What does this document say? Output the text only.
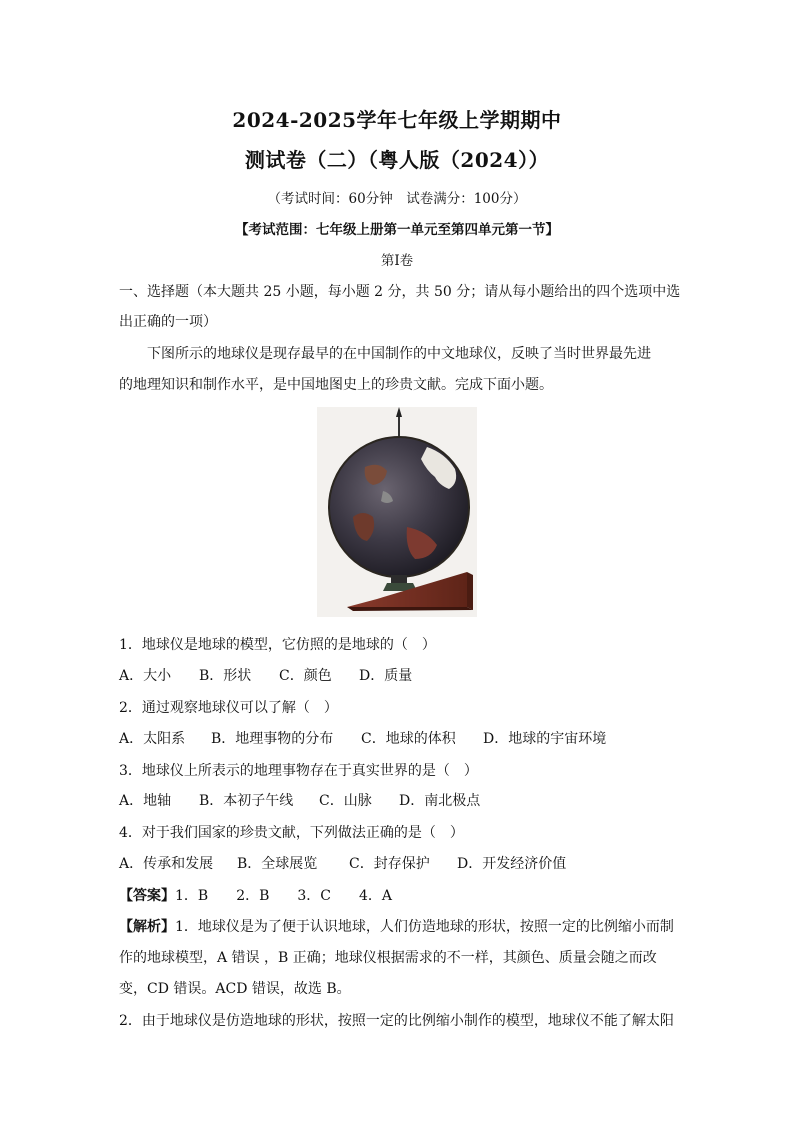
2024-2025学年七年级上学期期中
测试卷（二）（粤人版（2024））
（考试时间：60分钟　试卷满分：100分）
【考试范围：七年级上册第一单元至第四单元第一节】
第Ⅰ卷
一、选择题（本大题共 25 小题，每小题 2 分，共 50 分；请从每小题给出的四个选项中选
出正确的一项）
下图所示的地球仪是现存最早的在中国制作的中文地球仪，反映了当时世界最先进
的地理知识和制作水平，是中国地图史上的珍贵文献。完成下面小题。
1．地球仪是地球的模型，它仿照的是地球的（　）
A．大小 B．形状 C．颜色 D．质量
2．通过观察地球仪可以了解（　）
A．太阳系 B．地理事物的分布 C．地球的体积 D．地球的宇宙环境
3．地球仪上所表示的地理事物存在于真实世界的是（　）
A．地轴 B．本初子午线 C．山脉 D．南北极点
4．对于我们国家的珍贵文献，下列做法正确的是（　）
A．传承和发展 B．全球展览 C．封存保护 D．开发经济价值
【答案】1．B　　2．B　　3．C　　4．A
【解析】1．地球仪是为了便于认识地球，人们仿造地球的形状，按照一定的比例缩小而制
作的地球模型，A 错误 ，B 正确；地球仪根据需求的不一样，其颜色、质量会随之而改
变，CD 错误。ACD 错误，故选 B。
2．由于地球仪是仿造地球的形状，按照一定的比例缩小制作的模型，地球仪不能了解太阳
